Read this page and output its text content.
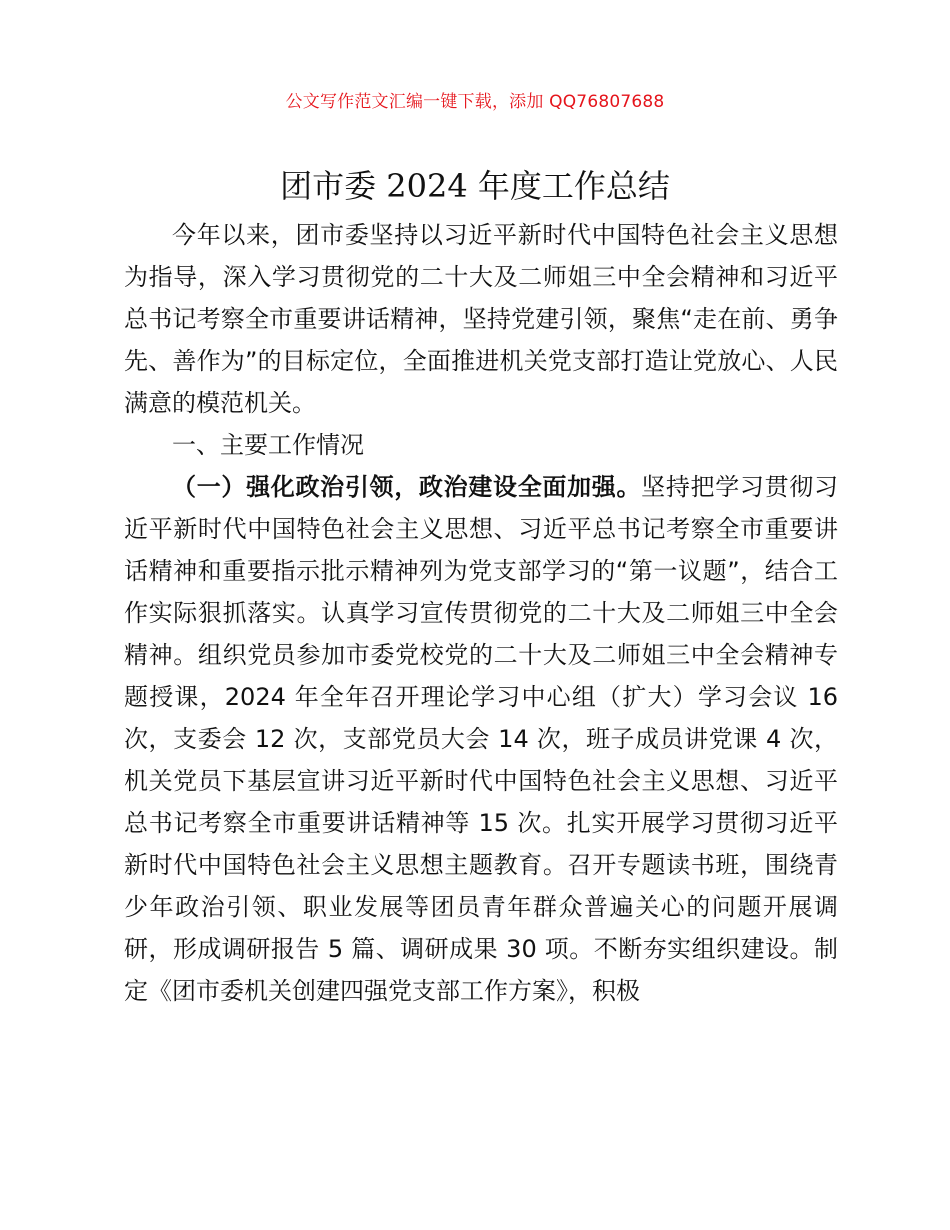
公文写作范文汇编一键下载，添加 QQ76807688
团市委 2024 年度工作总结

今年以来，团市委坚持以习近平新时代中国特色社会主义思想为指导，深入学习贯彻党的二十大及二师姐三中全会精神和习近平总书记考察全市重要讲话精神，坚持党建引领，聚焦“走在前、勇争先、善作为”的目标定位，全面推进机关党支部打造让党放心、人民满意的模范机关。

一、主要工作情况

（一）强化政治引领，政治建设全面加强。坚持把学习贯彻习近平新时代中国特色社会主义思想、习近平总书记考察全市重要讲话精神和重要指示批示精神列为党支部学习的“第一议题”，结合工作实际狠抓落实。认真学习宣传贯彻党的二十大及二师姐三中全会精神。组织党员参加市委党校党的二十大及二师姐三中全会精神专题授课，2024 年全年召开理论学习中心组（扩大）学习会议 16 次，支委会 12 次，支部党员大会 14 次，班子成员讲党课 4 次，机关党员下基层宣讲习近平新时代中国特色社会主义思想、习近平总书记考察全市重要讲话精神等 15 次。扎实开展学习贯彻习近平新时代中国特色社会主义思想主题教育。召开专题读书班，围绕青少年政治引领、职业发展等团员青年群众普遍关心的问题开展调研，形成调研报告 5 篇、调研成果 30 项。不断夯实组织建设。制定《团市委机关创建四强党支部工作方案》，积极
